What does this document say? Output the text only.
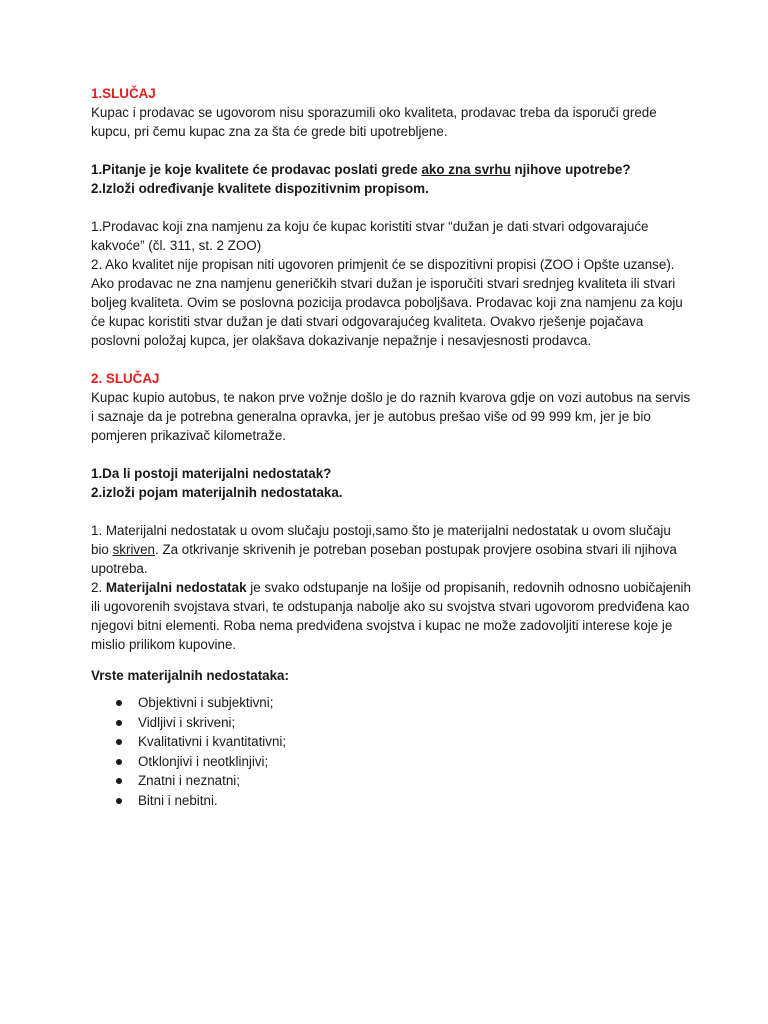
1.SLUČAJ

Kupac i prodavac se ugovorom nisu sporazumili oko kvaliteta, prodavac treba da isporuči grede kupcu, pri čemu kupac zna za šta će grede biti upotrebljene.

1.Pitanje je koje kvalitete će prodavac poslati grede ako zna svrhu njihove upotrebe?

2.Izloži određivanje kvalitete dispozitivnim propisom.

1.Prodavac koji zna namjenu za koju će kupac koristiti stvar “dužan je dati stvari odgovarajuće kakvoće” (čl. 311, st. 2 ZOO)

2. Ako kvalitet nije propisan niti ugovoren primjenit će se dispozitivni propisi (ZOO i Opšte uzanse). Ako prodavac ne zna namjenu generičkih stvari dužan je isporučiti stvari srednjeg kvaliteta ili stvari boljeg kvaliteta. Ovim se poslovna pozicija prodavca poboljšava. Prodavac koji zna namjenu za koju će kupac koristiti stvar dužan je dati stvari odgovarajućeg kvaliteta. Ovakvo rješenje pojačava poslovni položaj kupca, jer olakšava dokazivanje nepažnje i nesavjesnosti prodavca.

2. SLUČAJ

Kupac kupio autobus, te nakon prve vožnje došlo je do raznih kvarova gdje on vozi autobus na servis i saznaje da je potrebna generalna opravka, jer je autobus prešao više od 99 999 km, jer je bio pomjeren prikazivač kilometraže.

1.Da li postoji materijalni nedostatak?

2.izloži pojam materijalnih nedostataka.

1. Materijalni nedostatak u ovom slučaju postoji,samo što je materijalni nedostatak u ovom slučaju bio skriven. Za otkrivanje skrivenih je potreban poseban postupak provjere osobina stvari ili njihova upotreba.

2. Materijalni nedostatak je svako odstupanje na lošije od propisanih, redovnih odnosno uobičajenih ili ugovorenih svojstava stvari, te odstupanja nabolje ako su svojstva stvari ugovorom predviđena kao njegovi bitni elementi. Roba nema predviđena svojstva i kupac ne može zadovoljiti interese koje je mislio prilikom kupovine.

Vrste materijalnih nedostataka:

Objektivni i subjektivni;
Vidljivi i skriveni;
Kvalitativni i kvantitativni;
Otklonjivi i neotklinjivi;
Znatni i neznatni;
Bitni i nebitni.
